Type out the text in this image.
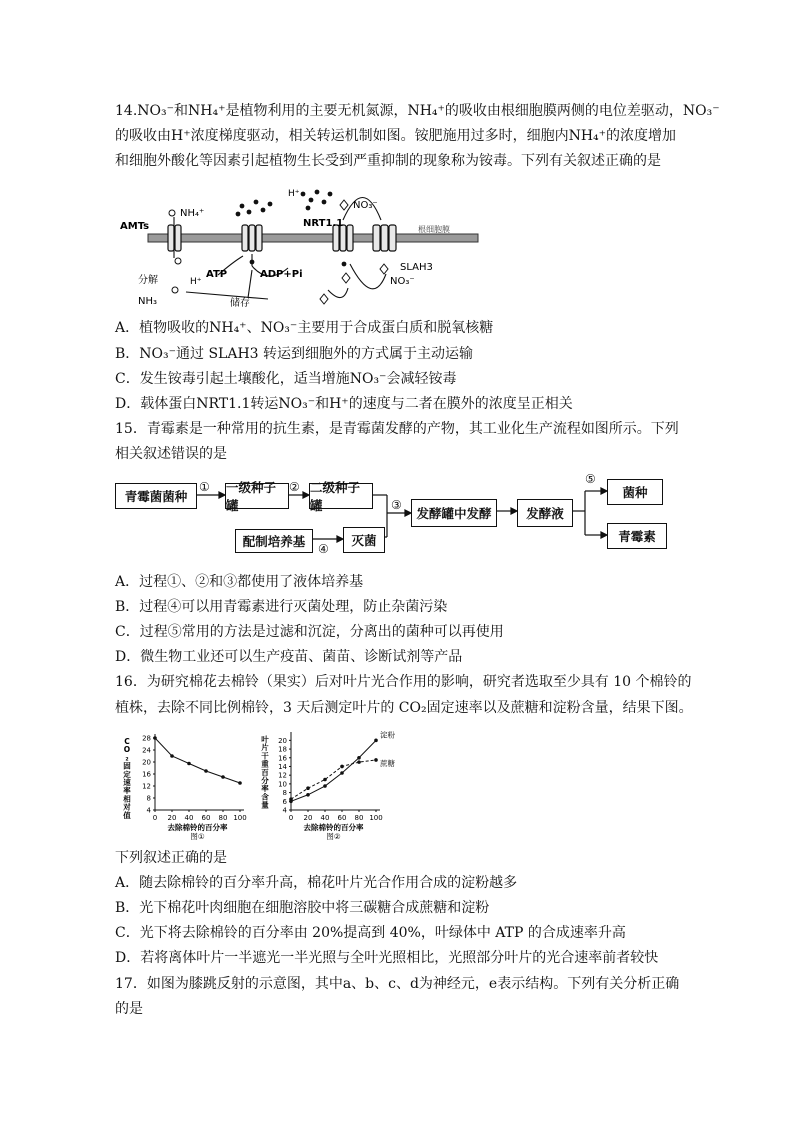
14.NO₃⁻和NH₄⁺是植物利用的主要无机氮源，NH₄⁺的吸收由根细胞膜两侧的电位差驱动，NO₃⁻
的吸收由H⁺浓度梯度驱动，相关转运机制如图。铵肥施用过多时，细胞内NH₄⁺的浓度增加
和细胞外酸化等因素引起植物生长受到严重抑制的现象称为铵毒。下列有关叙述正确的是
AMTs
NH₄⁺
NRT1.1
H⁺
NO₃⁻
根细胞膜
ATP	ADP+Pi
SLAH3
NO₃⁻
分解	H⁺
NH₃	储存
A．植物吸收的NH₄⁺、NO₃⁻主要用于合成蛋白质和脱氧核糖
B．NO₃⁻通过 SLAH3 转运到细胞外的方式属于主动运输
C．发生铵毒引起土壤酸化，适当增施NO₃⁻会减轻铵毒
D．载体蛋白NRT1.1转运NO₃⁻和H⁺的速度与二者在膜外的浓度呈正相关
15．青霉素是一种常用的抗生素，是青霉菌发酵的产物，其工业化生产流程如图所示。下列
相关叙述错误的是
①	②
③
④
⑤
青霉菌菌种
一级种子罐
二级种子罐
配制培养基	灭菌
发酵罐中发酵	发酵液
菌种
青霉素
A．过程①、②和③都使用了液体培养基
B．过程④可以用青霉素进行灭菌处理，防止杂菌污染
C．过程⑤常用的方法是过滤和沉淀，分离出的菌种可以再使用
D．微生物工业还可以生产疫苗、菌苗、诊断试剂等产品
16．为研究棉花去棉铃（果实）后对叶片光合作用的影响，研究者选取至少具有 10 个棉铃的
植株，去除不同比例棉铃，3 天后测定叶片的 CO₂固定速率以及蔗糖和淀粉含量，结果下图。
0 20 40 60 80 100
4
8
12
16
20
24
28
去除棉铃的百分率
图①
C
O
₂
固
定
速
率
相
对
值	0 20 40 60 80 100
4
6
8
10
12
14
16
18
20
去除棉铃的百分率
图②
叶
片
干
重
百
分
率
含
量
淀粉
蔗糖
下列叙述正确的是
A．随去除棉铃的百分率升高，棉花叶片光合作用合成的淀粉越多
B．光下棉花叶肉细胞在细胞溶胶中将三碳糖合成蔗糖和淀粉
C．光下将去除棉铃的百分率由 20%提高到 40%，叶绿体中 ATP 的合成速率升高
D．若将离体叶片一半遮光一半光照与全叶光照相比，光照部分叶片的光合速率前者较快
17．如图为膝跳反射的示意图，其中a、b、c、d为神经元，e表示结构。下列有关分析正确
的是
